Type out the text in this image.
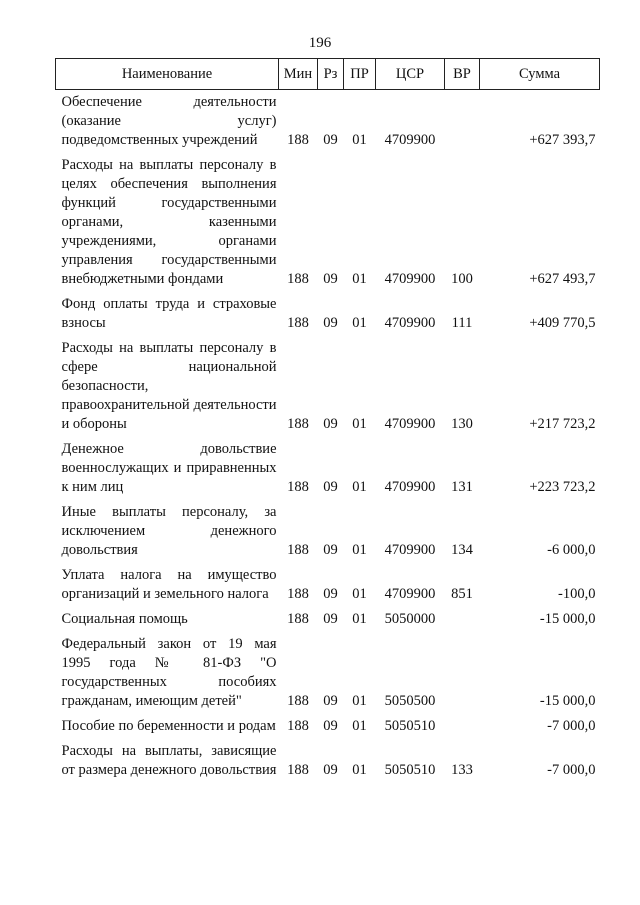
196
Наименование	Мин	Рз	ПР	ЦСР	ВР	Сумма
Обеспечение деятельности (оказание услуг) подведомственных учреждений	188	09	01	4709900		+627 393,7

Расходы на выплаты персоналу в целях обеспечения выполнения функций государственными органами, казенными учреждениями, органами управления государственными внебюджетными фондами	188	09	01	4709900	100	+627 493,7

Фонд оплаты труда и страховые взносы	188	09	01	4709900	111	+409 770,5

Расходы на выплаты персоналу в сфере национальной безопасности, правоохранительной деятельности и обороны	188	09	01	4709900	130	+217 723,2

Денежное довольствие военнослужащих и приравненных к ним лиц	188	09	01	4709900	131	+223 723,2

Иные выплаты персоналу, за исключением денежного довольствия	188	09	01	4709900	134	-6 000,0

Уплата налога на имущество организаций и земельного налога	188	09	01	4709900	851	-100,0

Социальная помощь	188	09	01	5050000		-15 000,0

Федеральный закон от 19 мая 1995 года № 81-ФЗ "О государственных пособиях гражданам, имеющим детей"	188	09	01	5050500		-15 000,0

Пособие по беременности и родам	188	09	01	5050510		-7 000,0

Расходы на выплаты, зависящие от размера денежного довольствия	188	09	01	5050510	133	-7 000,0
